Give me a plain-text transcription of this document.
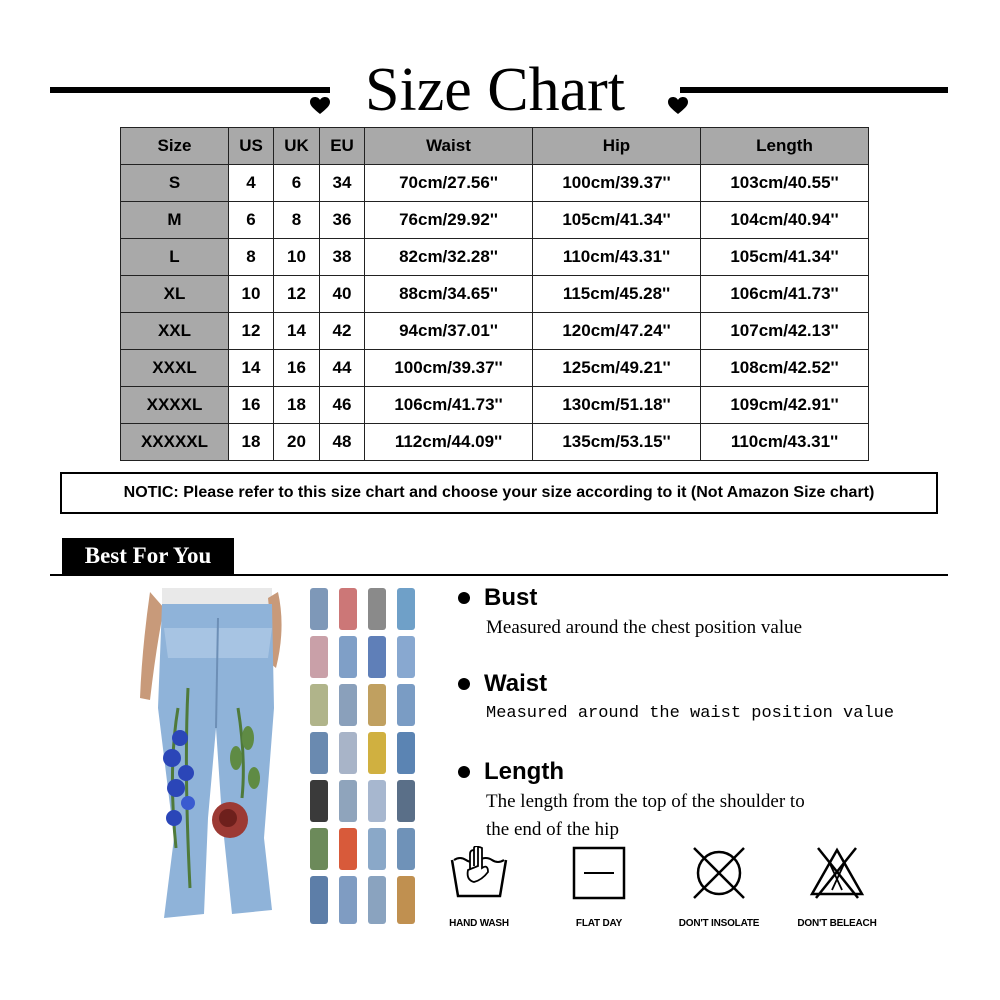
Size Chart
Size	US	UK	EU	Waist	Hip	Length
S	4	6	34	70cm/27.56''	100cm/39.37''	103cm/40.55''
M	6	8	36	76cm/29.92''	105cm/41.34''	104cm/40.94''
L	8	10	38	82cm/32.28''	110cm/43.31''	105cm/41.34''
XL	10	12	40	88cm/34.65''	115cm/45.28''	106cm/41.73''
XXL	12	14	42	94cm/37.01''	120cm/47.24''	107cm/42.13''
XXXL	14	16	44	100cm/39.37''	125cm/49.21''	108cm/42.52''
XXXXL	16	18	46	106cm/41.73''	130cm/51.18''	109cm/42.91''
XXXXXL	18	20	48	112cm/44.09''	135cm/53.15''	110cm/43.31''
NOTIC: Please refer to this size chart and choose your size according to it (Not Amazon Size chart)
Best For You
Bust
Measured around the chest position value
Waist
Measured around the waist position value
Length
The length from the top of the shoulder to
the end of the hip
HAND WASH	FLAT DAY	DON'T INSOLATE	DON'T BELEACH
